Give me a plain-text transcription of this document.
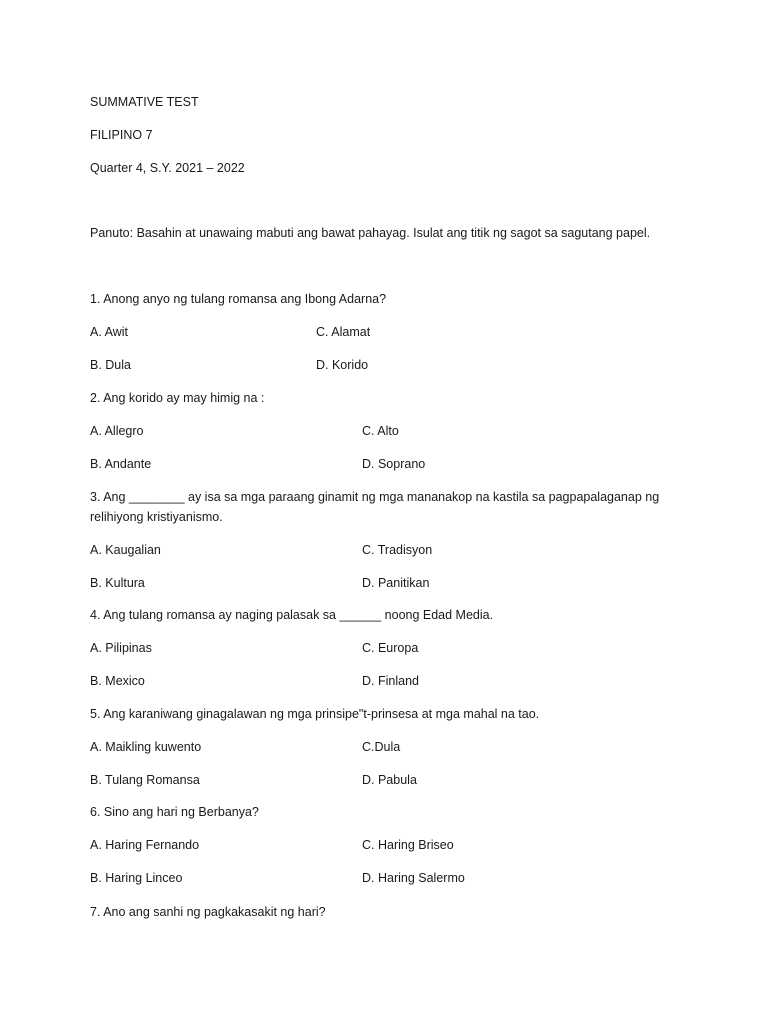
SUMMATIVE TEST
FILIPINO 7
Quarter 4, S.Y. 2021 – 2022
Panuto: Basahin at unawaing mabuti ang bawat pahayag. Isulat ang titik ng sagot sa sagutang papel.
1. Anong anyo ng tulang romansa ang Ibong Adarna?
A. Awit	C. Alamat
B. Dula	D. Korido
2. Ang korido ay may himig na :
A. Allegro	C. Alto
B. Andante	D. Soprano
3. Ang ________ ay isa sa mga paraang ginamit ng mga mananakop na kastila sa pagpapalaganap ng relihiyong kristiyanismo.
A. Kaugalian	C. Tradisyon
B. Kultura	D. Panitikan
4. Ang tulang romansa ay naging palasak sa ______ noong Edad Media.
A. Pilipinas	C. Europa
B. Mexico	D. Finland
5. Ang karaniwang ginagalawan ng mga prinsipe"t-prinsesa at mga mahal na tao.
A. Maikling kuwento	C.Dula
B. Tulang Romansa	D. Pabula
6. Sino ang hari ng Berbanya?
A. Haring Fernando	C. Haring Briseo
B. Haring Linceo	D. Haring Salermo
7. Ano ang sanhi ng pagkakasakit ng hari?
